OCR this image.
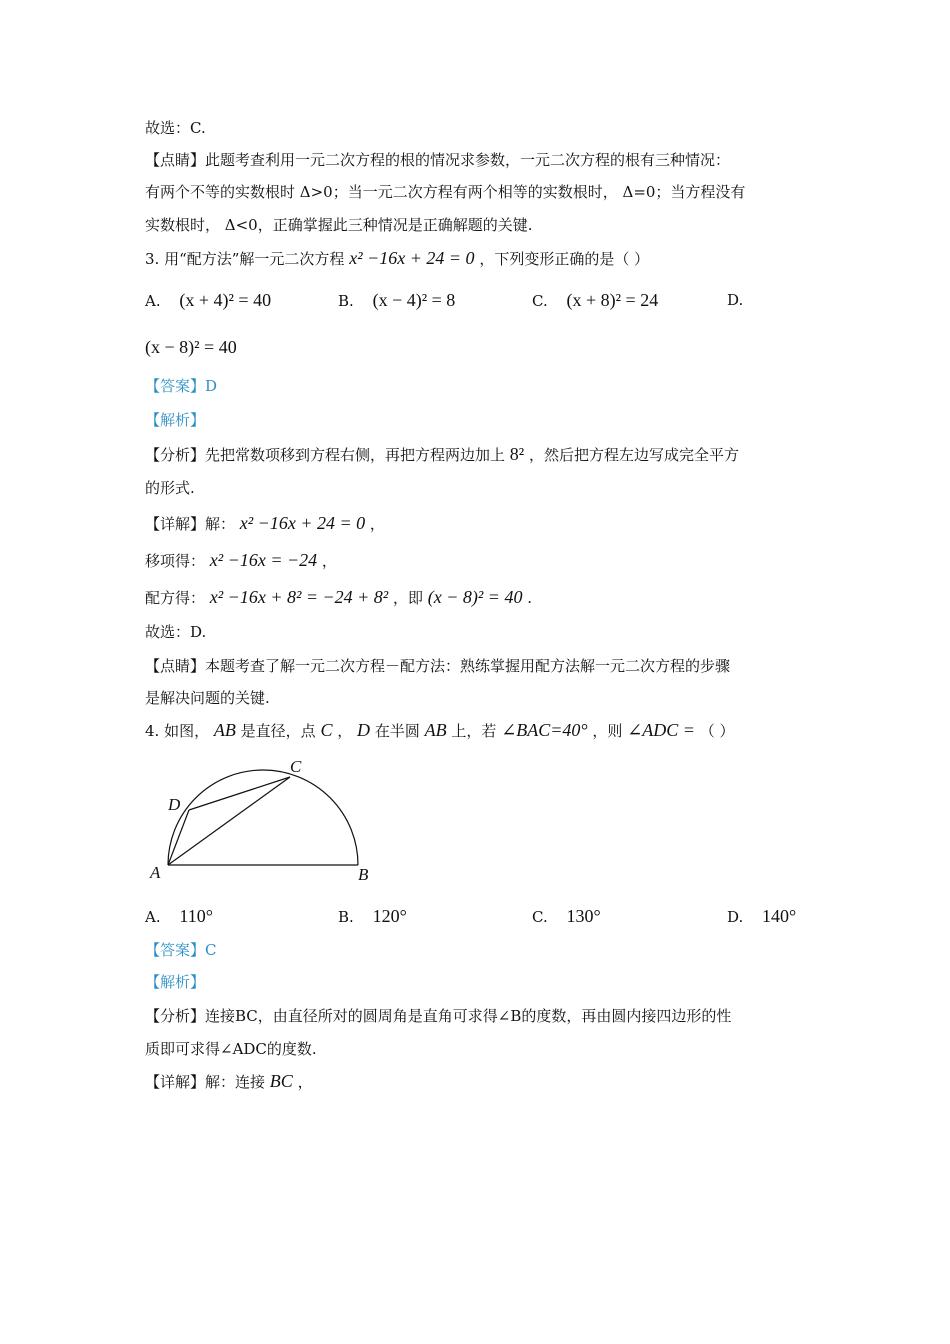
故选：C.
【点睛】此题考查利用一元二次方程的根的情况求参数，一元二次方程的根有三种情况：
有两个不等的实数根时 Δ>0；当一元二次方程有两个相等的实数根时， Δ=0；当方程没有
实数根时， Δ<0，正确掌握此三种情况是正确解题的关键.
3. 用“配方法”解一元二次方程 x² −16x + 24 = 0 ，下列变形正确的是（ ）
A. (x + 4)² = 40	B. (x − 4)² = 8	C. (x + 8)² = 24	D.
(x − 8)² = 40
【答案】D
【解析】
【分析】先把常数项移到方程右侧，再把方程两边加上 8² ，然后把方程左边写成完全平方
的形式.
【详解】解： x² −16x + 24 = 0 ，
移项得： x² −16x = −24 ，
配方得： x² −16x + 8² = −24 + 8² ，即 (x − 8)² = 40 .
故选：D.
【点睛】本题考查了解一元二次方程－配方法：熟练掌握用配方法解一元二次方程的步骤
是解决问题的关键.
4. 如图， AB 是直径，点 C ， D 在半圆 AB 上，若 ∠BAC=40° ，则 ∠ADC = （ ）
A	B
C
D
A. 110°	B. 120°	C. 130°	D. 140°
【答案】C
【解析】
【分析】连接BC，由直径所对的圆周角是直角可求得∠B的度数，再由圆内接四边形的性
质即可求得∠ADC的度数.
【详解】解：连接 BC ，
